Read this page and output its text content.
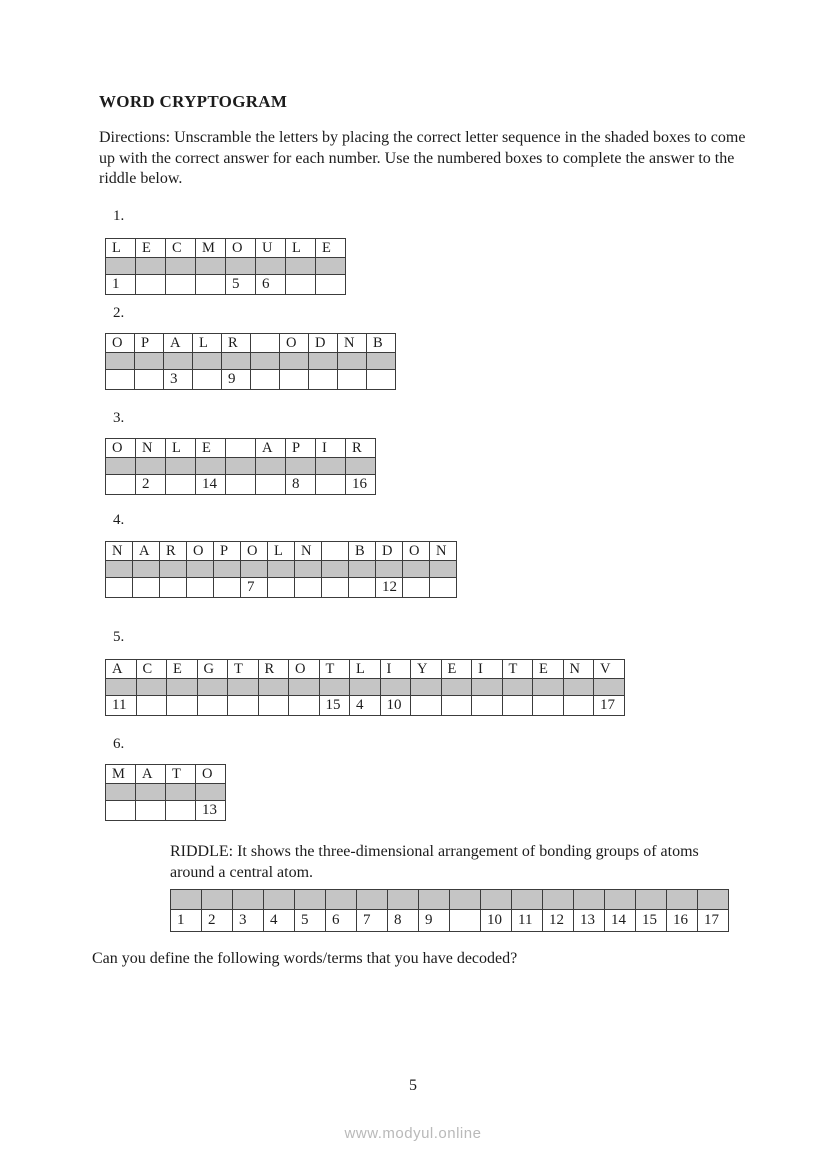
WORD CRYPTOGRAM

Directions: Unscramble the letters by placing the correct letter sequence in the shaded boxes to come up with the correct answer for each number. Use the numbered boxes to complete the answer to the riddle below.

1.
L	E	C	M	O	U	L	E

1				5	6		
2.
O	P	A	L	R		O	D	N	B

		3		9					
3.
O	N	L	E		A	P	I	R

	2		14			8		16
4.
N	A	R	O	P	O	L	N		B	D	O	N

					7					12		
5.
A	C	E	G	T	R	O	T	L	I	Y	E	I	T	E	N	V

11							15	4	10							17
6.
M	A	T	O

			13

RIDDLE: It shows the three-dimensional arrangement of bonding groups of atoms around a central atom.

1	2	3	4	5	6	7	8	9		10	11	12	13	14	15	16	17

Can you define the following words/terms that you have decoded?

5
www.modyul.online
